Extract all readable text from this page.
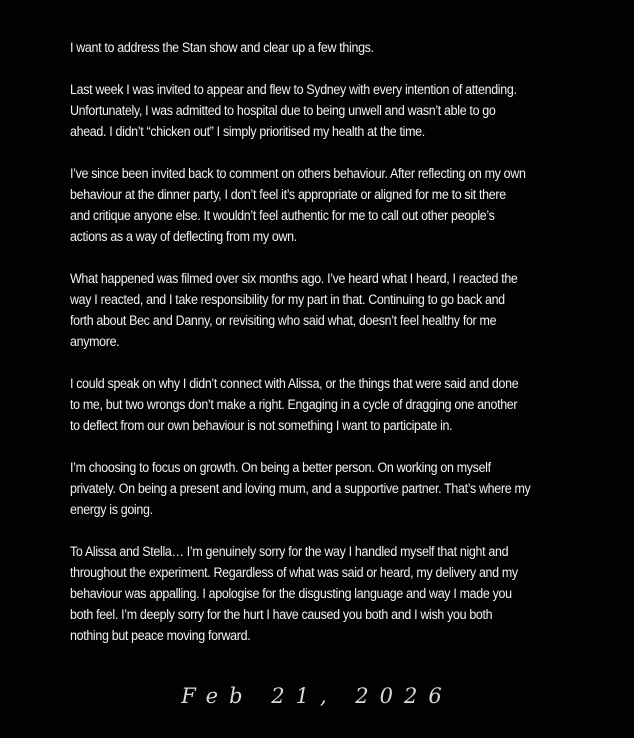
I want to address the Stan show and clear up a few things.

Last week I was invited to appear and flew to Sydney with every intention of attending.
Unfortunately, I was admitted to hospital due to being unwell and wasn’t able to go
ahead. I didn’t “chicken out” I simply prioritised my health at the time.

I’ve since been invited back to comment on others behaviour. After reflecting on my own
behaviour at the dinner party, I don’t feel it’s appropriate or aligned for me to sit there
and critique anyone else. It wouldn’t feel authentic for me to call out other people’s
actions as a way of deflecting from my own.

What happened was filmed over six months ago. I’ve heard what I heard, I reacted the
way I reacted, and I take responsibility for my part in that. Continuing to go back and
forth about Bec and Danny, or revisiting who said what, doesn’t feel healthy for me
anymore.

I could speak on why I didn’t connect with Alissa, or the things that were said and done
to me, but two wrongs don’t make a right. Engaging in a cycle of dragging one another
to deflect from our own behaviour is not something I want to participate in.

I’m choosing to focus on growth. On being a better person. On working on myself
privately. On being a present and loving mum, and a supportive partner. That’s where my
energy is going.

To Alissa and Stella… I’m genuinely sorry for the way I handled myself that night and
throughout the experiment. Regardless of what was said or heard, my delivery and my
behaviour was appalling. I apologise for the disgusting language and way I made you
both feel. I’m deeply sorry for the hurt I have caused you both and I wish you both
nothing but peace moving forward.

Feb 21, 2026
